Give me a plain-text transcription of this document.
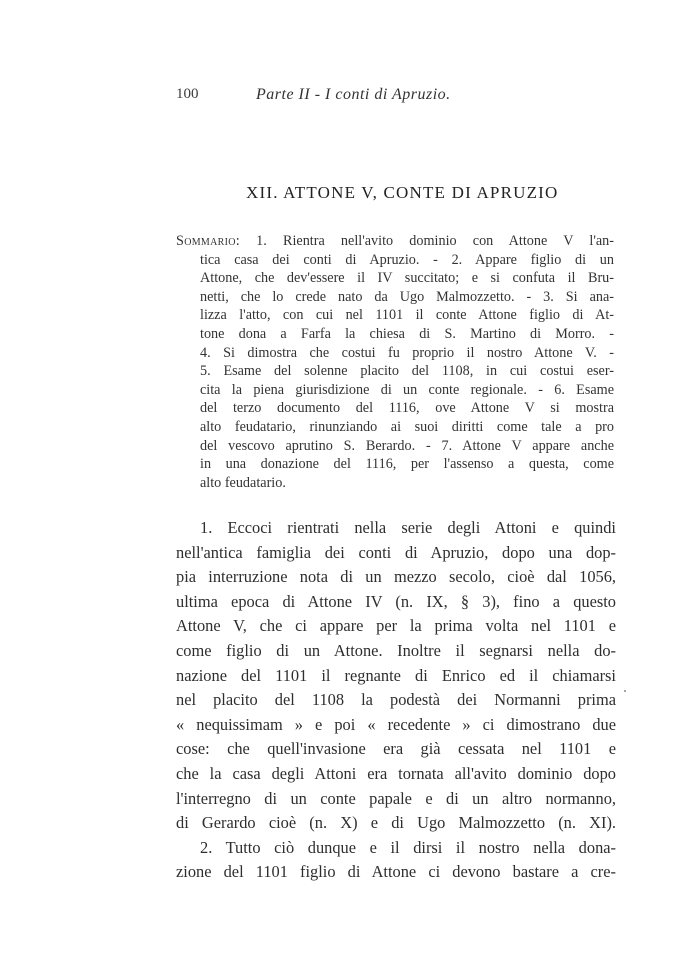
100	Parte II - I conti di Apruzio.
XII. ATTONE V, CONTE DI APRUZIO
Sommario: 1. Rientra nell'avito dominio con Attone V l'an-
tica casa dei conti di Apruzio. - 2. Appare figlio di un
Attone, che dev'essere il IV succitato; e si confuta il Bru-
netti, che lo crede nato da Ugo Malmozzetto. - 3. Si ana-
lizza l'atto, con cui nel 1101 il conte Attone figlio di At-
tone dona a Farfa la chiesa di S. Martino di Morro. -
4. Si dimostra che costui fu proprio il nostro Attone V. -
5. Esame del solenne placito del 1108, in cui costui eser-
cita la piena giurisdizione di un conte regionale. - 6. Esame
del terzo documento del 1116, ove Attone V si mostra
alto feudatario, rinunziando ai suoi diritti come tale a pro
del vescovo aprutino S. Berardo. - 7. Attone V appare anche
in una donazione del 1116, per l'assenso a questa, come
alto feudatario.
1. Eccoci rientrati nella serie degli Attoni e quindi
nell'antica famiglia dei conti di Apruzio, dopo una dop-
pia interruzione nota di un mezzo secolo, cioè dal 1056,
ultima epoca di Attone IV (n. IX, § 3), fino a questo
Attone V, che ci appare per la prima volta nel 1101 e
come figlio di un Attone. Inoltre il segnarsi nella do-
nazione del 1101 il regnante di Enrico ed il chiamarsi
nel placito del 1108 la podestà dei Normanni prima
« nequissimam » e poi « recedente » ci dimostrano due
cose: che quell'invasione era già cessata nel 1101 e
che la casa degli Attoni era tornata all'avito dominio dopo
l'interregno di un conte papale e di un altro normanno,
di Gerardo cioè (n. X) e di Ugo Malmozzetto (n. XI).
2. Tutto ciò dunque e il dirsi il nostro nella dona-
zione del 1101 figlio di Attone ci devono bastare a cre-
